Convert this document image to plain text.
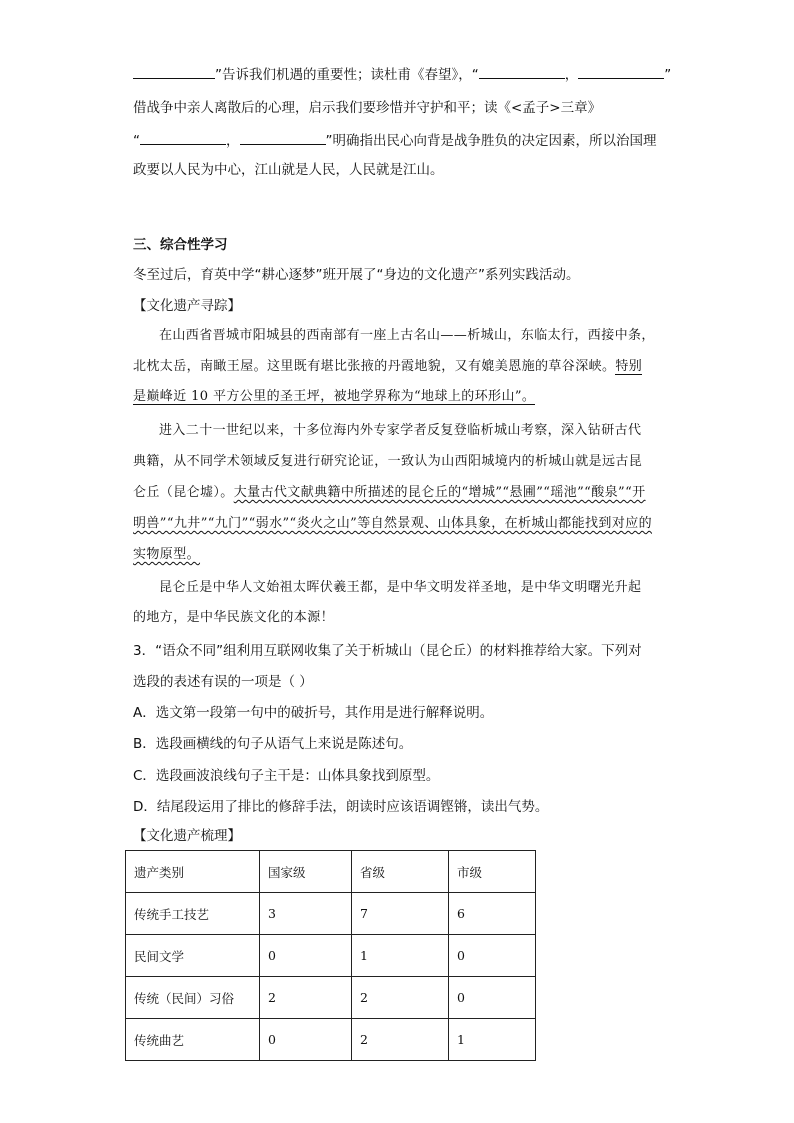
”告诉我们机遇的重要性；读杜甫《春望》，“	，	”
借战争中亲人离散后的心理，启示我们要珍惜并守护和平；读《<孟子>三章》
“	，	”明确指出民心向背是战争胜负的决定因素，所以治国理
政要以人民为中心，江山就是人民，人民就是江山。
三、综合性学习
冬至过后，育英中学“耕心逐梦”班开展了“身边的文化遗产”系列实践活动。
【文化遗产寻踪】
在山西省晋城市阳城县的西南部有一座上古名山——析城山，东临太行，西接中条，
北枕太岳，南瞰王屋。这里既有堪比张掖的丹霞地貌，又有媲美恩施的草谷深峡。特别
是巅峰近 10 平方公里的圣王坪，被地学界称为“地球上的环形山”。
进入二十一世纪以来，十多位海内外专家学者反复登临析城山考察，深入钻研古代
典籍，从不同学术领域反复进行研究论证，一致认为山西阳城境内的析城山就是远古昆
仑丘（昆仑墟）。大量古代文献典籍中所描述的昆仑丘的“增城”“悬圃”“瑶池”“酸泉”“开
明兽”“九井”“九门”“弱水”“炎火之山”等自然景观、山体具象，在析城山都能找到对应的
实物原型。
昆仑丘是中华人文始祖太晖伏羲王都，是中华文明发祥圣地，是中华文明曙光升起
的地方，是中华民族文化的本源！
3．“语众不同”组利用互联网收集了关于析城山（昆仑丘）的材料推荐给大家。下列对
选段的表述有误的一项是（ ）
A．选文第一段第一句中的破折号，其作用是进行解释说明。
B．选段画横线的句子从语气上来说是陈述句。
C．选段画波浪线句子主干是：山体具象找到原型。
D．结尾段运用了排比的修辞手法，朗读时应该语调铿锵，读出气势。
【文化遗产梳理】
遗产类别	国家级	省级	市级
传统手工技艺	3	7	6
民间文学	0	1	0
传统（民间）习俗	2	2	0
传统曲艺	0	2	1
